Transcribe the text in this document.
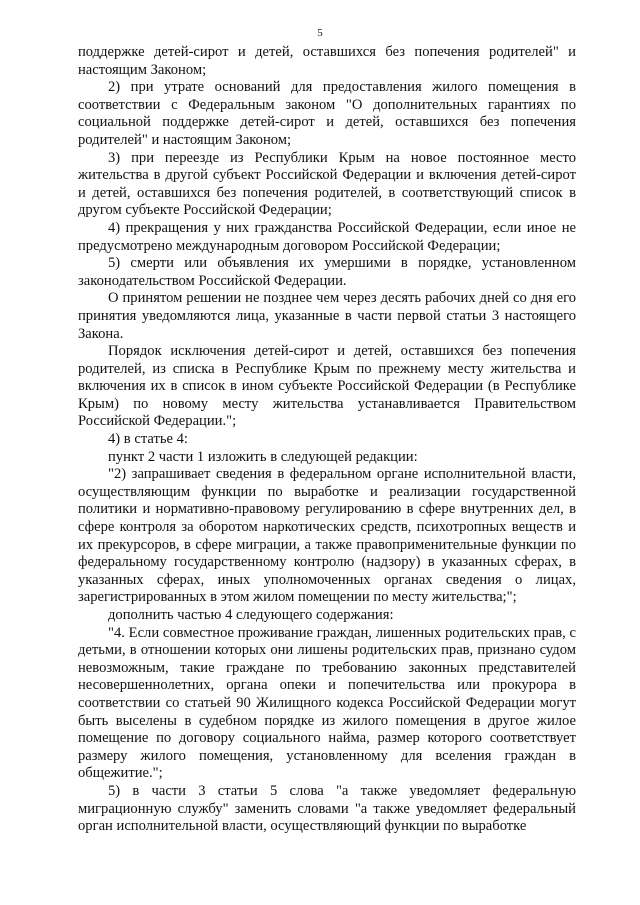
5

поддержке детей-сирот и детей, оставшихся без попечения родителей" и настоящим Законом;

2) при утрате оснований для предоставления жилого помещения в соответствии с Федеральным законом "О дополнительных гарантиях по социальной поддержке детей-сирот и детей, оставшихся без попечения родителей" и настоящим Законом;

3) при переезде из Республики Крым на новое постоянное место жительства в другой субъект Российской Федерации и включения детей-сирот и детей, оставшихся без попечения родителей, в соответствующий список в другом субъекте Российской Федерации;

4) прекращения у них гражданства Российской Федерации, если иное не предусмотрено международным договором Российской Федерации;

5) смерти или объявления их умершими в порядке, установленном законодательством Российской Федерации.

О принятом решении не позднее чем через десять рабочих дней со дня его принятия уведомляются лица, указанные в части первой статьи 3 настоящего Закона.

Порядок исключения детей-сирот и детей, оставшихся без попечения родителей, из списка в Республике Крым по прежнему месту жительства и включения их в список в ином субъекте Российской Федерации (в Республике Крым) по новому месту жительства устанавливается Правительством Российской Федерации.";

4) в статье 4:

пункт 2 части 1 изложить в следующей редакции:

"2) запрашивает сведения в федеральном органе исполнительной власти, осуществляющим функции по выработке и реализации государственной политики и нормативно-правовому регулированию в сфере внутренних дел, в сфере контроля за оборотом наркотических средств, психотропных веществ и их прекурсоров, в сфере миграции, а также правоприменительные функции по федеральному государственному контролю (надзору) в указанных сферах, в указанных сферах, иных уполномоченных органах сведения о лицах, зарегистрированных в этом жилом помещении по месту жительства;";

дополнить частью 4 следующего содержания:

"4. Если совместное проживание граждан, лишенных родительских прав, с детьми, в отношении которых они лишены родительских прав, признано судом невозможным, такие граждане по требованию законных представителей несовершеннолетних, органа опеки и попечительства или прокурора в соответствии со статьей 90 Жилищного кодекса Российской Федерации могут быть выселены в судебном порядке из жилого помещения в другое жилое помещение по договору социального найма, размер которого соответствует размеру жилого помещения, установленному для вселения граждан в общежитие.";

5) в части 3 статьи 5 слова "а также уведомляет федеральную миграционную службу" заменить словами "а также уведомляет федеральный орган исполнительной власти, осуществляющий функции по выработке
